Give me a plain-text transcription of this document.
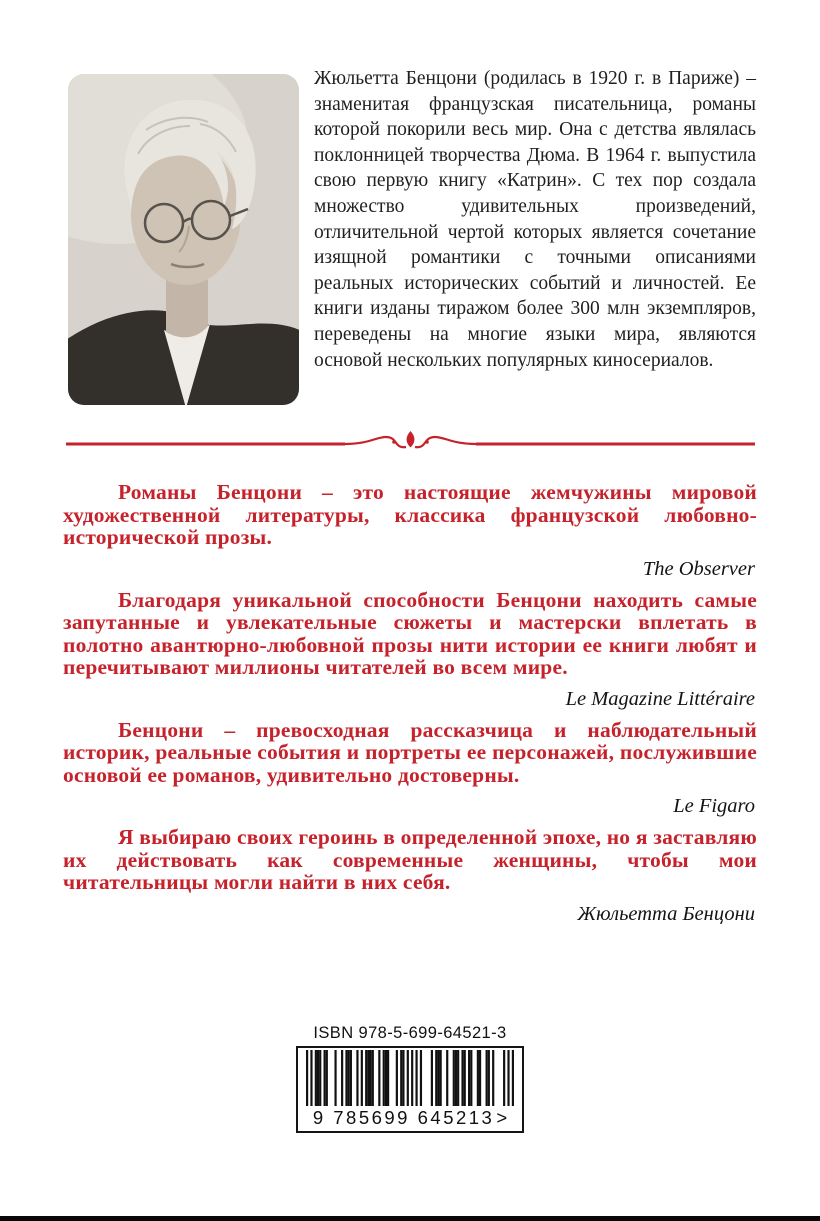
Жюльетта Бенцони (родилась в 1920 г. в Париже) – знаменитая французская писательница, романы которой покорили весь мир. Она с детства являлась поклонницей творчества Дюма. В 1964 г. выпустила свою первую книгу «Катрин». С тех пор создала множество удивительных произведений, отличительной чертой которых является сочетание изящной романтики с точными описаниями реальных исторических событий и личностей. Ее книги изданы тиражом более 300 млн экземпляров, переведены на многие языки мира, являются основой нескольких популярных киносериалов.

Романы Бенцони – это настоящие жемчужины мировой художественной литературы, классика французской любовно-исторической прозы.

The Observer

Благодаря уникальной способности Бенцони находить самые запутанные и увлекательные сюжеты и мастерски вплетать в полотно авантюрно-любовной прозы нити истории ее книги любят и перечитывают миллионы читателей во всем мире.

Le Magazine Littéraire

Бенцони – превосходная рассказчица и наблюдательный историк, реальные события и портреты ее персонажей, послужившие основой ее романов, удивительно достоверны.

Le Figaro

Я выбираю своих героинь в определенной эпохе, но я заставляю их действовать как современные женщины, чтобы мои читательницы могли найти в них себя.

Жюльетта Бенцони

ISBN 978-5-699-64521-3
9 785699 645213 >
